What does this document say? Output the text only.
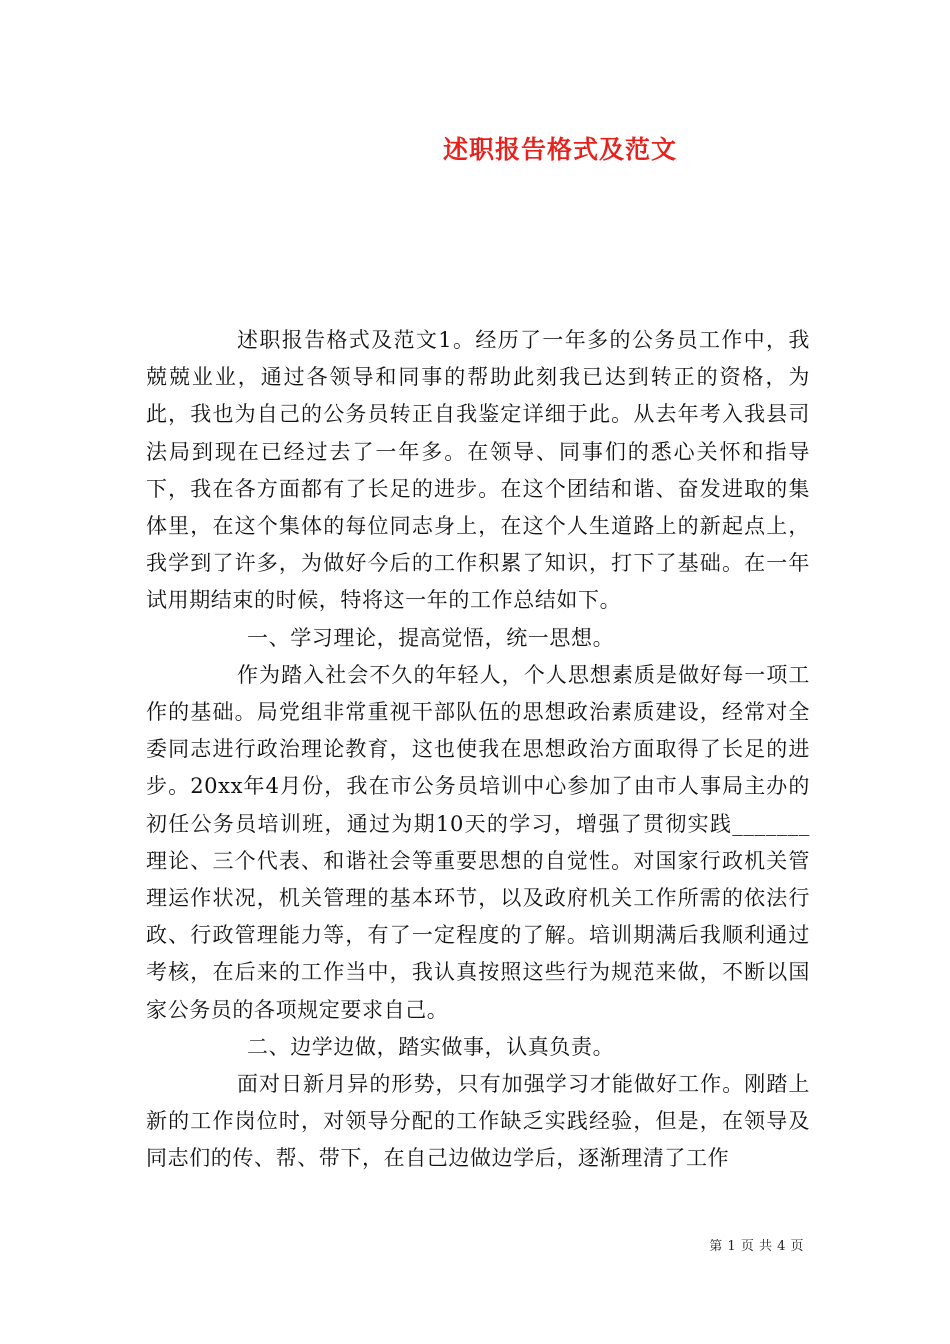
述职报告格式及范文

述职报告格式及范文1。经历了一年多的公务员工作中，我兢兢业业，通过各领导和同事的帮助此刻我已达到转正的资格，为此，我也为自己的公务员转正自我鉴定详细于此。从去年考入我县司法局到现在已经过去了一年多。在领导、同事们的悉心关怀和指导下，我在各方面都有了长足的进步。在这个团结和谐、奋发进取的集体里，在这个集体的每位同志身上，在这个人生道路上的新起点上，我学到了许多，为做好今后的工作积累了知识，打下了基础。在一年试用期结束的时候，特将这一年的工作总结如下。

一、学习理论，提高觉悟，统一思想。

作为踏入社会不久的年轻人，个人思想素质是做好每一项工作的基础。局党组非常重视干部队伍的思想政治素质建设，经常对全委同志进行政治理论教育，这也使我在思想政治方面取得了长足的进步。20xx年4月份，我在市公务员培训中心参加了由市人事局主办的初任公务员培训班，通过为期10天的学习，增强了贯彻实践_______理论、三个代表、和谐社会等重要思想的自觉性。对国家行政机关管理运作状况，机关管理的基本环节，以及政府机关工作所需的依法行政、行政管理能力等，有了一定程度的了解。培训期满后我顺利通过考核，在后来的工作当中，我认真按照这些行为规范来做，不断以国家公务员的各项规定要求自己。

二、边学边做，踏实做事，认真负责。

面对日新月异的形势，只有加强学习才能做好工作。刚踏上新的工作岗位时，对领导分配的工作缺乏实践经验，但是，在领导及同志们的传、帮、带下，在自己边做边学后，逐渐理清了工作

第 1 页 共 4 页
